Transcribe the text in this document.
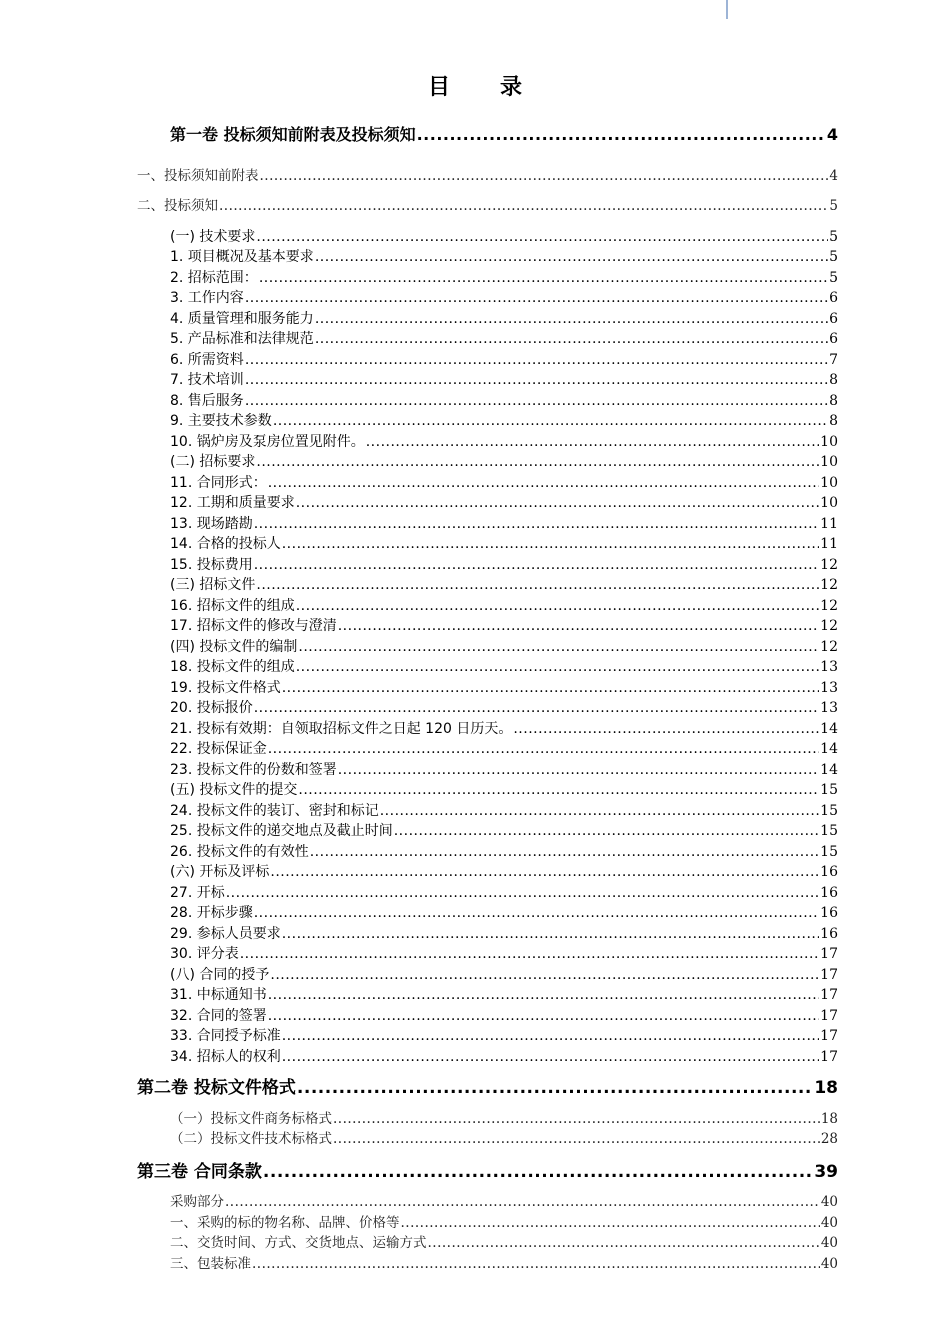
目　录
第一卷 投标须知前附表及投标须知 .....	4
一、投标须知前附表 .....	4
二、投标须知 .....	5
(一) 技术要求 .....	5
1. 项目概况及基本要求 .....	5
2. 招标范围： .....	5
3. 工作内容 .....	6
4. 质量管理和服务能力 .....	6
5. 产品标准和法律规范 .....	6
6. 所需资料 .....	7
7. 技术培训 .....	8
8. 售后服务 .....	8
9. 主要技术参数 .....	8
10. 锅炉房及泵房位置见附件。 .....	10
(二) 招标要求 .....	10
11. 合同形式： .....	10
12. 工期和质量要求 .....	10
13. 现场踏勘 .....	11
14. 合格的投标人 .....	11
15. 投标费用 .....	12
(三) 招标文件 .....	12
16. 招标文件的组成 .....	12
17. 招标文件的修改与澄清 .....	12
(四) 投标文件的编制 .....	12
18. 投标文件的组成 .....	13
19. 投标文件格式 .....	13
20. 投标报价 .....	13
21. 投标有效期：自领取招标文件之日起 120 日历天。 .....	14
22. 投标保证金 .....	14
23. 投标文件的份数和签署 .....	14
(五) 投标文件的提交 .....	15
24. 投标文件的装订、密封和标记 .....	15
25. 投标文件的递交地点及截止时间 .....	15
26. 投标文件的有效性 .....	15
(六) 开标及评标 .....	16
27. 开标 .....	16
28. 开标步骤 .....	16
29. 参标人员要求 .....	16
30. 评分表 .....	17
(八) 合同的授予 .....	17
31. 中标通知书 .....	17
32. 合同的签署 .....	17
33. 合同授予标准 .....	17
34. 招标人的权利 .....	17
第二卷 投标文件格式 .....	18
（一）投标文件商务标格式 .....	18
（二）投标文件技术标格式 .....	28
第三卷 合同条款 .....	39
采购部分 .....	40
一、采购的标的物名称、品牌、价格等 .....	40
二、交货时间、方式、交货地点、运输方式 .....	40
三、包装标准 .....	40
